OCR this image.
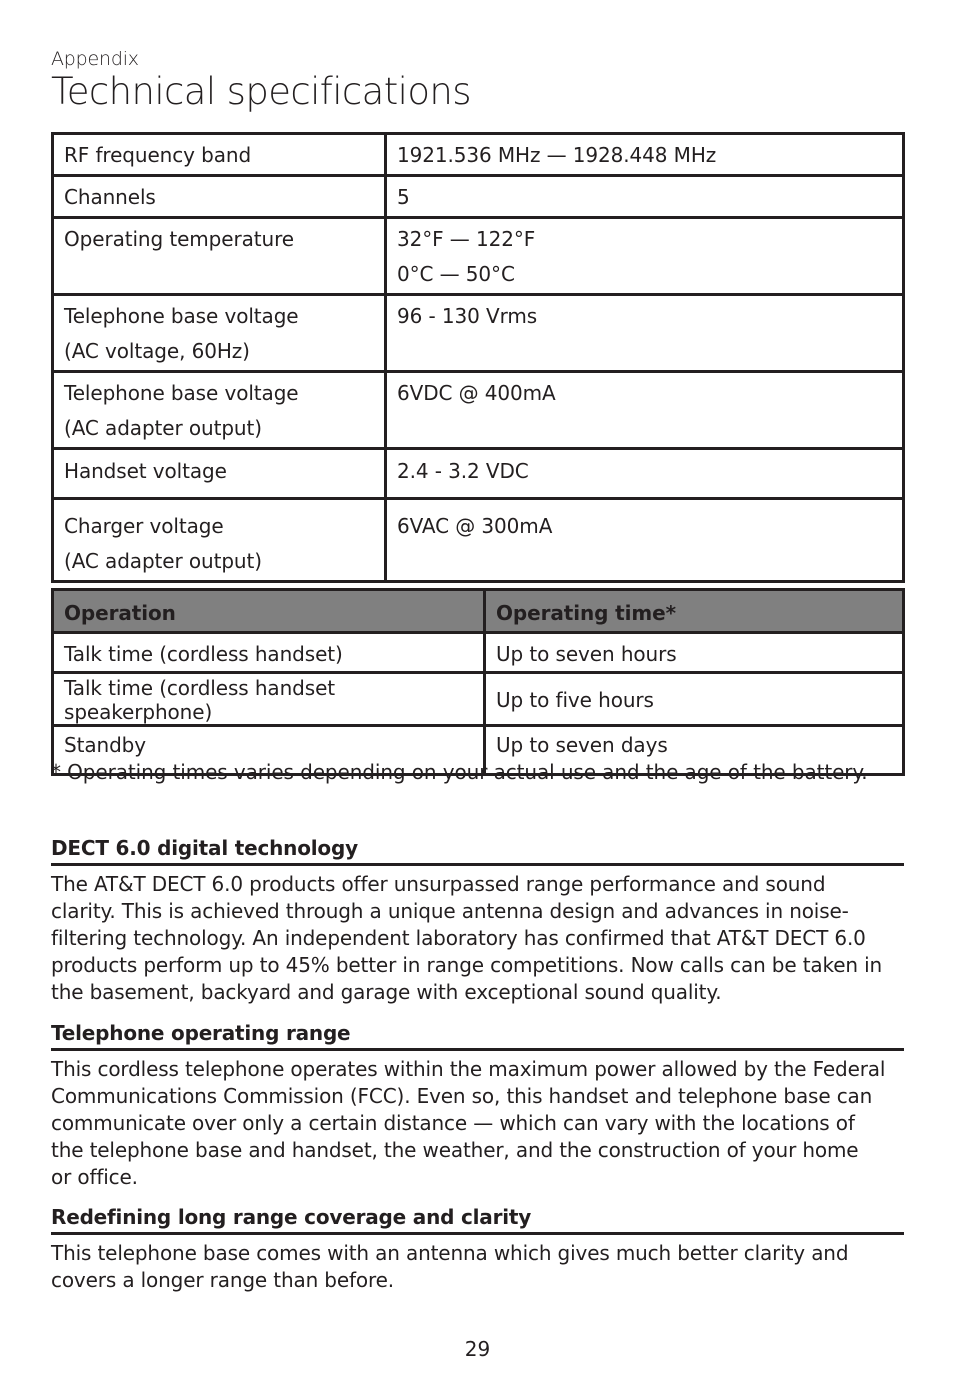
Appendix
Technical specifications
RF frequency band	1921.536 MHz — 1928.448 MHz

Channels	5

Operating temperature	32°F — 122°F
0°C — 50°C

Telephone base voltage
(AC voltage, 60Hz)	96 - 130 Vrms

Telephone base voltage
(AC adapter output)	6VDC @ 400mA

Handset voltage	2.4 - 3.2 VDC

Charger voltage
(AC adapter output)	6VAC @ 300mA
Operation	Operating time*
Talk time (cordless handset)	Up to seven hours
Talk time (cordless handset speakerphone)	Up to five hours
Standby	Up to seven days
* Operating times varies depending on your actual use and the age of the battery.
DECT 6.0 digital technology
The AT&T DECT 6.0 products offer unsurpassed range performance and sound
clarity. This is achieved through a unique antenna design and advances in noise-
filtering technology. An independent laboratory has confirmed that AT&T DECT 6.0
products perform up to 45% better in range competitions. Now calls can be taken in
the basement, backyard and garage with exceptional sound quality.
Telephone operating range
This cordless telephone operates within the maximum power allowed by the Federal
Communications Commission (FCC). Even so, this handset and telephone base can
communicate over only a certain distance — which can vary with the locations of
the telephone base and handset, the weather, and the construction of your home
or office.
Redefining long range coverage and clarity
This telephone base comes with an antenna which gives much better clarity and
covers a longer range than before.
29
